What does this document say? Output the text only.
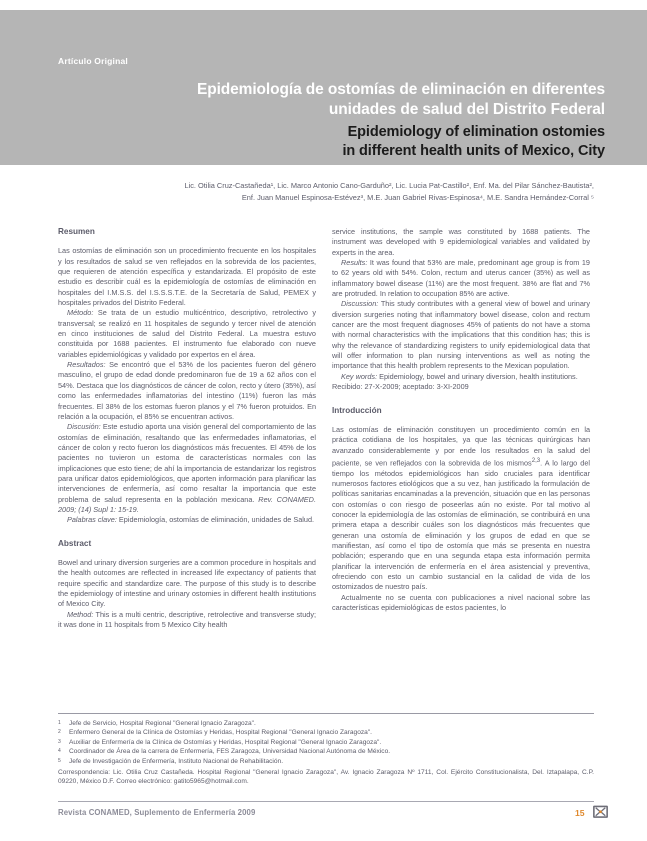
Artículo Original
Epidemiología de ostomías de eliminación en diferentes
unidades de salud del Distrito Federal
Epidemiology of elimination ostomies
in different health units of Mexico, City
Lic. Otilia Cruz-Castañeda¹, Lic. Marco Antonio Cano-Garduño², Lic. Lucia Pat-Castillo², Enf. Ma. del Pilar Sánchez-Bautista²,
Enf. Juan Manuel Espinosa-Estévez³, M.E. Juan Gabriel Rivas-Espinosa⁴, M.E. Sandra Hernández-Corral ⁵
Resumen

Las ostomías de eliminación son un procedimiento frecuente en los hospitales y los resultados de salud se ven reflejados en la sobrevida de los pacientes, que requieren de atención específica y estandarizada. El propósito de este estudio es describir cuál es la epidemiología de ostomías de eliminación en hospitales del I.M.S.S. del I.S.S.S.T.E. de la Secretaría de Salud, PEMEX y hospitales privados del Distrito Federal.

Método: Se trata de un estudio multicéntrico, descriptivo, retrolectivo y transversal; se realizó en 11 hospitales de segundo y tercer nivel de atención en cinco instituciones de salud del Distrito Federal. La muestra estuvo constituida por 1688 pacientes. El instrumento fue elaborado con nueve variables epidemiológicas y validado por expertos en el área.

Resultados: Se encontró que el 53% de los pacientes fueron del género masculino, el grupo de edad donde predominaron fue de 19 a 62 años con el 54%. Destaca que los diagnósticos de cáncer de colon, recto y útero (35%), así como las enfermedades inflamatorias del intestino (11%) fueron las más frecuentes. El 38% de los estomas fueron planos y el 7% fueron protuidos. En relación a la ocupación, el 85% se encuentran activos.

Discusión: Este estudio aporta una visión general del comportamiento de las ostomías de eliminación, resaltando que las enfermedades inflamatorias, el cáncer de colon y recto fueron los diagnósticos más frecuentes. El 45% de los pacientes no tuvieron un estoma de características normales con las implicaciones que esto tiene; de ahí la importancia de estandarizar los registros para unificar datos epidemiológicos, que aporten información para planificar las intervenciones de enfermería, así como resaltar la importancia que este problema de salud representa en la población mexicana. Rev. CONAMED. 2009; (14) Supl 1: 15-19.

Palabras clave: Epidemiología, ostomías de eliminación, unidades de Salud.

Abstract

Bowel and urinary diversion surgeries are a common procedure in hospitals and the health outcomes are reflected in increased life expectancy of patients that require specific and standardize care. The purpose of this study is to describe the epidemiology of intestine and urinary ostomies in different health institutions of Mexico City.

Method: This is a multi centric, descriptive, retrolective and transverse study; it was done in 11 hospitals from 5 Mexico City health

service institutions, the sample was constituted by 1688 patients. The instrument was developed with 9 epidemiological variables and validated by experts in the area.

Results: It was found that 53% are male, predominant age group is from 19 to 62 years old with 54%. Colon, rectum and uterus cancer (35%) as well as inflammatory bowel disease (11%) are the most frequent. 38% are flat and 7% are protruded. In relation to occupation 85% are active.

Discussion: This study contributes with a general view of bowel and urinary diversion surgeries noting that inflammatory bowel disease, colon and rectum cancer are the most frequent diagnoses 45% of patients do not have a stoma with normal characteristics with the implications that this condition has; this is why the relevance of standardizing registers to unify epidemiological data that will offer information to plan nursing interventions as well as noting the importance that this health problem represents to the Mexican population.

Key words: Epidemiology, bowel and urinary diversion, health institutions.

Recibido: 27-X-2009; aceptado: 3-XI-2009

Introducción

Las ostomías de eliminación constituyen un procedimiento común en la práctica cotidiana de los hospitales, ya que las técnicas quirúrgicas han avanzado considerablemente y por ende los resultados en la salud del paciente, se ven reflejados con la sobrevida de los mismos$^{2,3}$. A lo largo del tiempo los métodos epidemiológicos han sido cruciales para identificar numerosos factores etiológicos que a su vez, han justificado la formulación de políticas sanitarias encaminadas a la prevención, situación que en las personas con ostomías o con riesgo de poseerlas aún no existe. Por tal motivo al conocer la epidemiología de las ostomías de eliminación, se contribuirá en una primera etapa a describir cuáles son los diagnósticos más frecuentes que generan una ostomía de eliminación y los grupos de edad en que se manifiestan, así como el tipo de ostomía que más se presenta en nuestra población; esperando que en una segunda etapa esta información permita planificar la intervención de enfermería en el área asistencial y preventiva, ofreciendo con esto un cambio sustancial en la calidad de vida de los ostomizados de nuestro país.

Actualmente no se cuenta con publicaciones a nivel nacional sobre las características epidemiológicas de estos pacientes, lo

1	Jefe de Servicio, Hospital Regional "General Ignacio Zaragoza".
2	Enfermero General de la Clínica de Ostomías y Heridas, Hospital Regional "General Ignacio Zaragoza".
3	Auxiliar de Enfermería de la Clínica de Ostomías y Heridas, Hospital Regional "General Ignacio Zaragoza".
4	Coordinador de Área de la carrera de Enfermería, FES Zaragoza, Universidad Nacional Autónoma de México.
5	Jefe de Investigación de Enfermería, Instituto Nacional de Rehabilitación.
Correspondencia: Lic. Otilia Cruz Castañeda. Hospital Regional "General Ignacio Zaragoza", Av. Ignacio Zaragoza Nº 1711, Col. Ejército Constitucionalista, Del. Iztapalapa, C.P. 09220, México D.F. Correo electrónico: gatito5965@hotmail.com.
Revista CONAMED, Suplemento de Enfermería 2009	15
